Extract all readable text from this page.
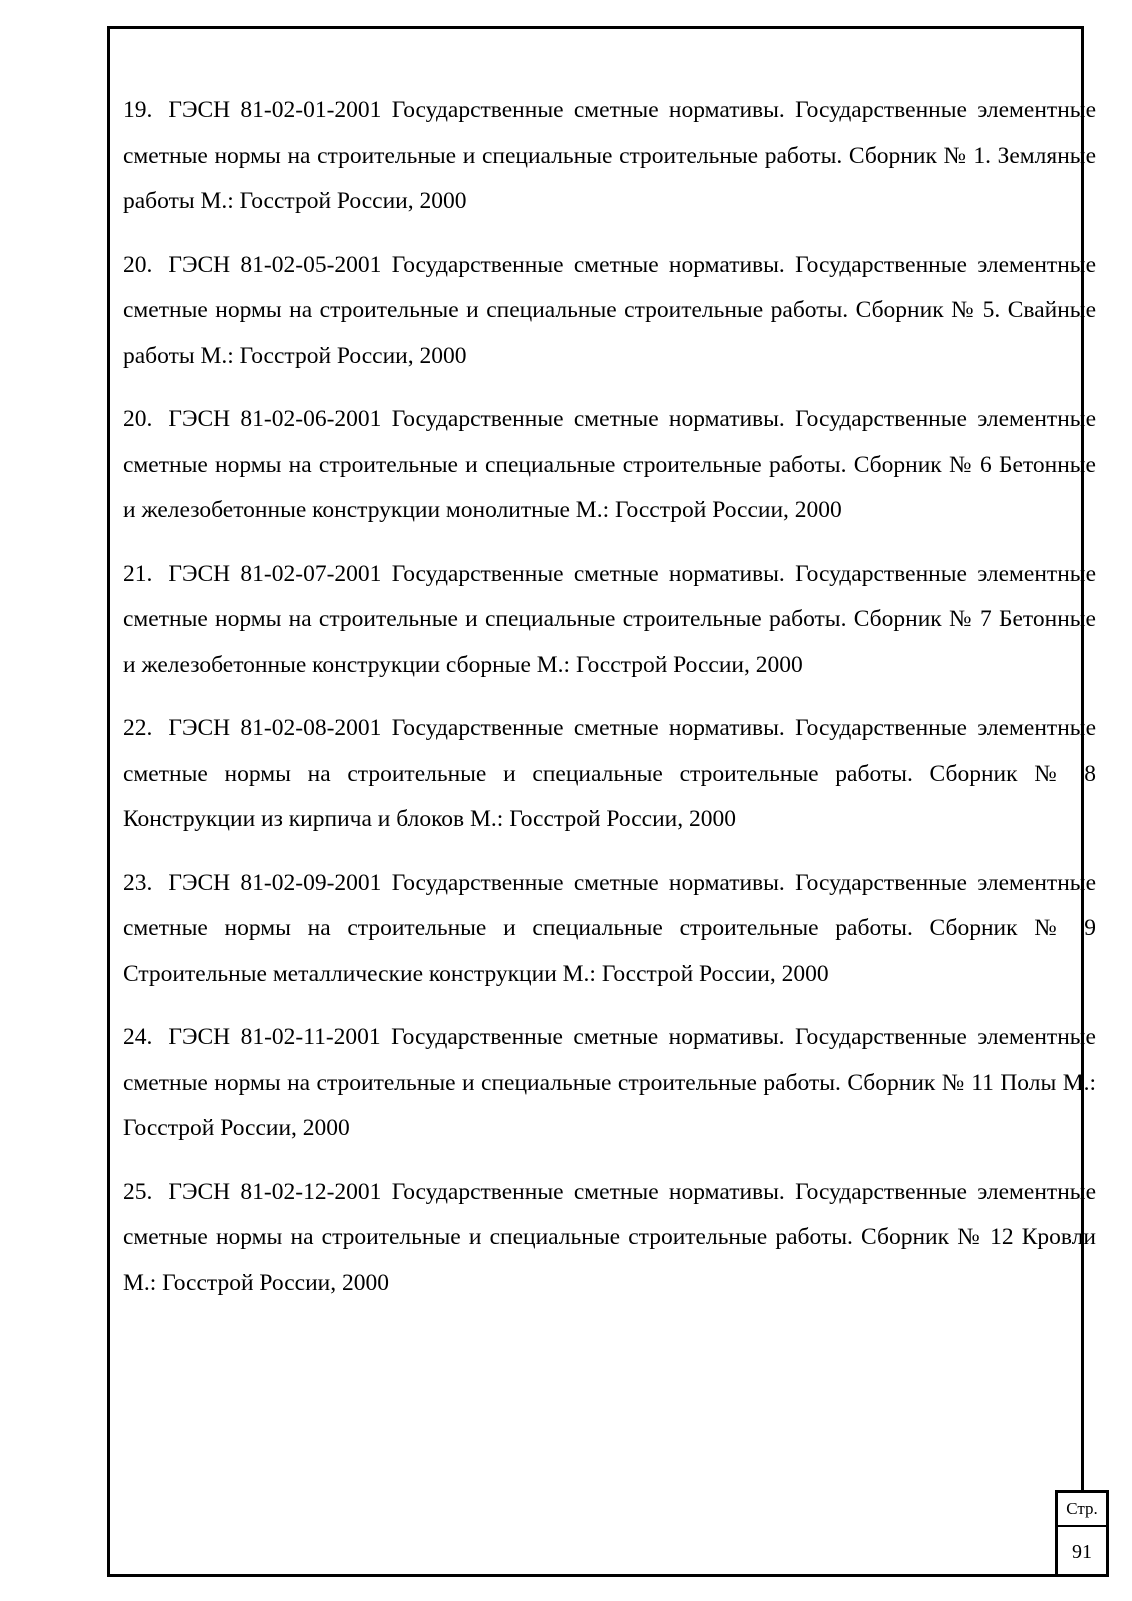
19. ГЭСН 81-02-01-2001 Государственные сметные нормативы. Государственные элементные сметные нормы на строительные и специальные строительные работы. Сборник № 1. Земляные работы М.: Госстрой России, 2000

20. ГЭСН 81-02-05-2001 Государственные сметные нормативы. Государственные элементные сметные нормы на строительные и специальные строительные работы. Сборник № 5. Свайные работы М.: Госстрой России, 2000

20. ГЭСН 81-02-06-2001 Государственные сметные нормативы. Государственные элементные сметные нормы на строительные и специальные строительные работы. Сборник № 6 Бетонные и железобетонные конструкции монолитные М.: Госстрой России, 2000

21. ГЭСН 81-02-07-2001 Государственные сметные нормативы. Государственные элементные сметные нормы на строительные и специальные строительные работы. Сборник № 7 Бетонные и железобетонные конструкции сборные М.: Госстрой России, 2000

22. ГЭСН 81-02-08-2001 Государственные сметные нормативы. Государственные элементные сметные нормы на строительные и специальные строительные работы. Сборник № 8 Конструкции из кирпича и блоков М.: Госстрой России, 2000

23. ГЭСН 81-02-09-2001 Государственные сметные нормативы. Государственные элементные сметные нормы на строительные и специальные строительные работы. Сборник № 9 Строительные металлические конструкции М.: Госстрой России, 2000

24. ГЭСН 81-02-11-2001 Государственные сметные нормативы. Государственные элементные сметные нормы на строительные и специальные строительные работы. Сборник № 11 Полы М.: Госстрой России, 2000

25. ГЭСН 81-02-12-2001 Государственные сметные нормативы. Государственные элементные сметные нормы на строительные и специальные строительные работы. Сборник № 12 Кровли М.: Госстрой России, 2000

Стр.
91
